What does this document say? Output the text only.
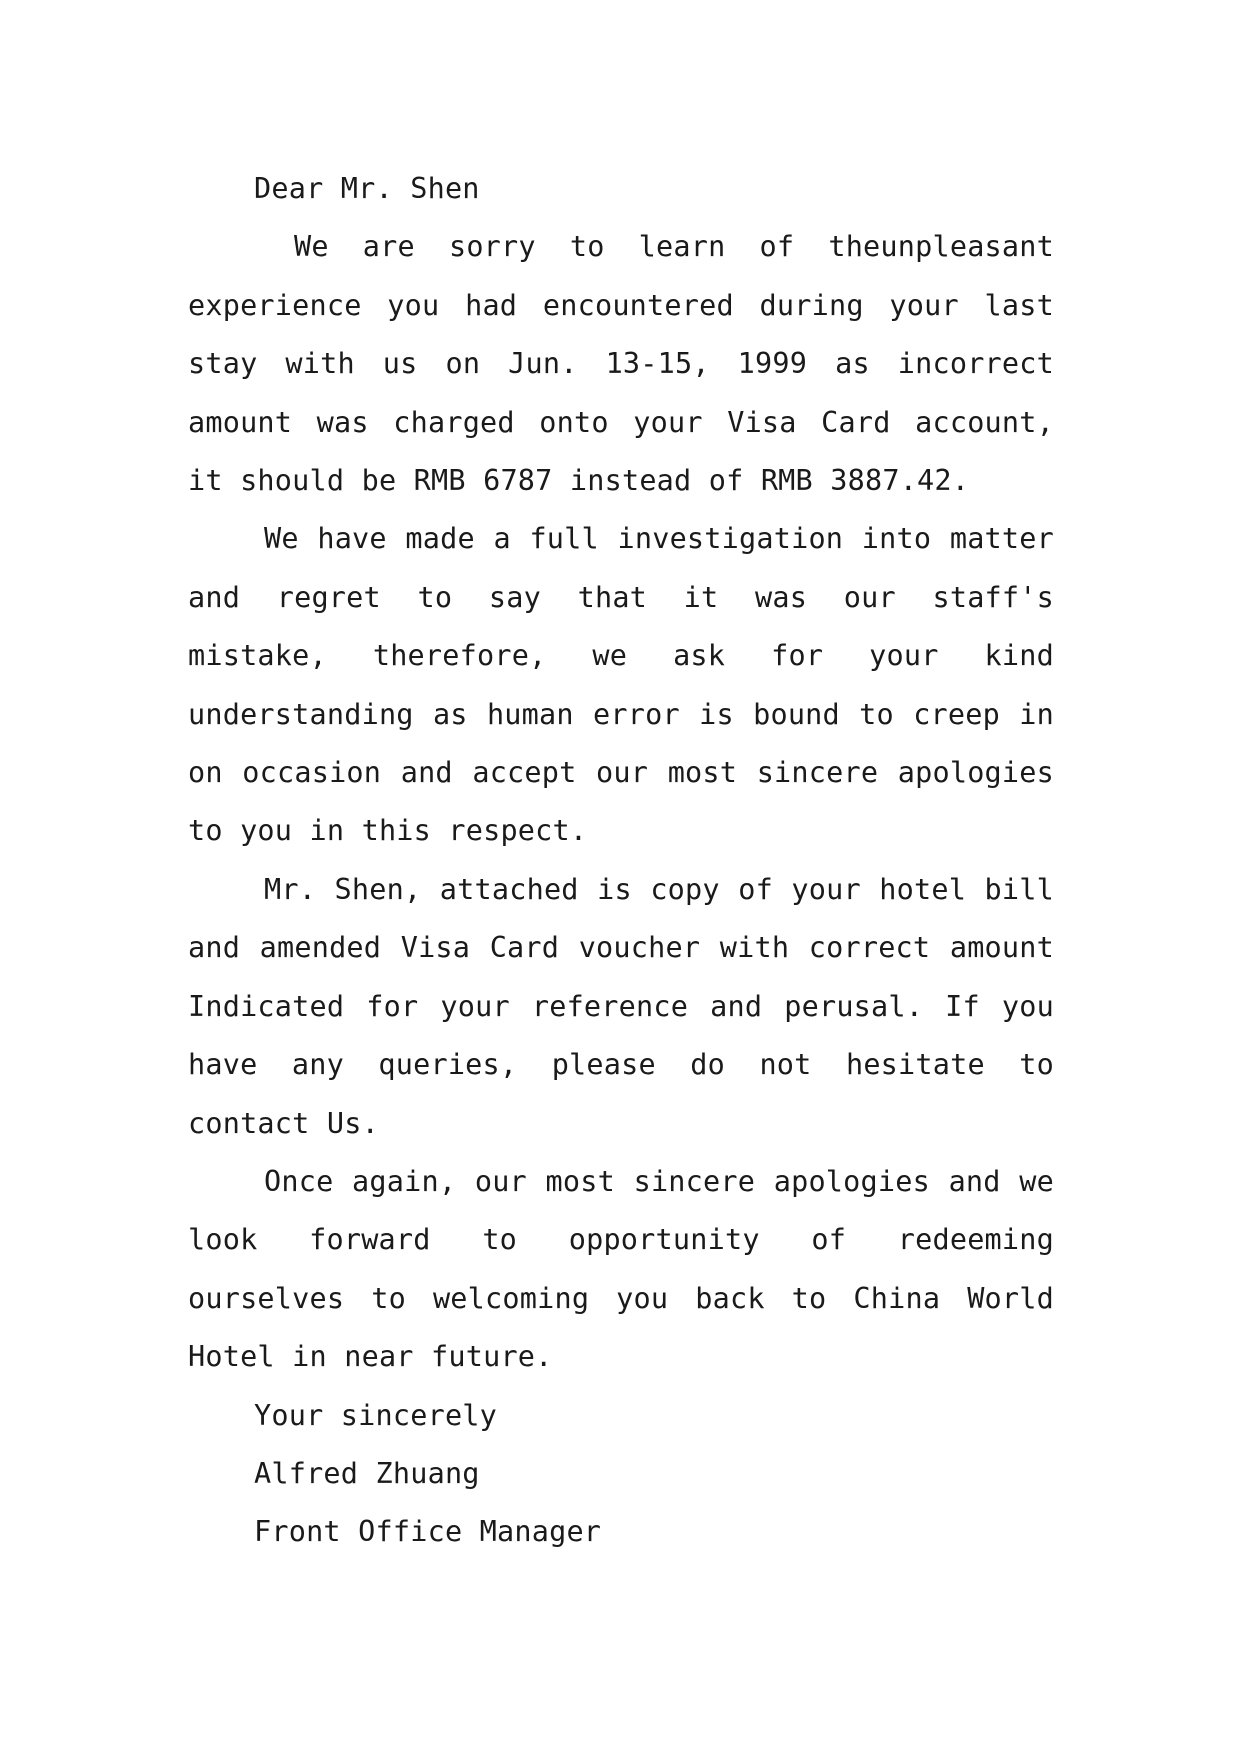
Dear Mr. Shen

We are sorry to learn of theunpleasant experience you had encountered during your last stay with us on Jun. 13-15, 1999 as incorrect amount was charged onto your Visa Card account, it should be RMB 6787 instead of RMB 3887.42.

We have made a full investigation into matter and regret to say that it was our staff's mistake, therefore, we ask for your kind understanding as human error is bound to creep in on occasion and accept our most sincere apologies to you in this respect.

Mr. Shen, attached is copy of your hotel bill and amended Visa Card voucher with correct amount Indicated for your reference and perusal. If you have any queries, please do not hesitate to contact Us.

Once again, our most sincere apologies and we look forward to opportunity of redeeming ourselves to welcoming you back to China World Hotel in near future.

Your sincerely

Alfred Zhuang

Front Office Manager
